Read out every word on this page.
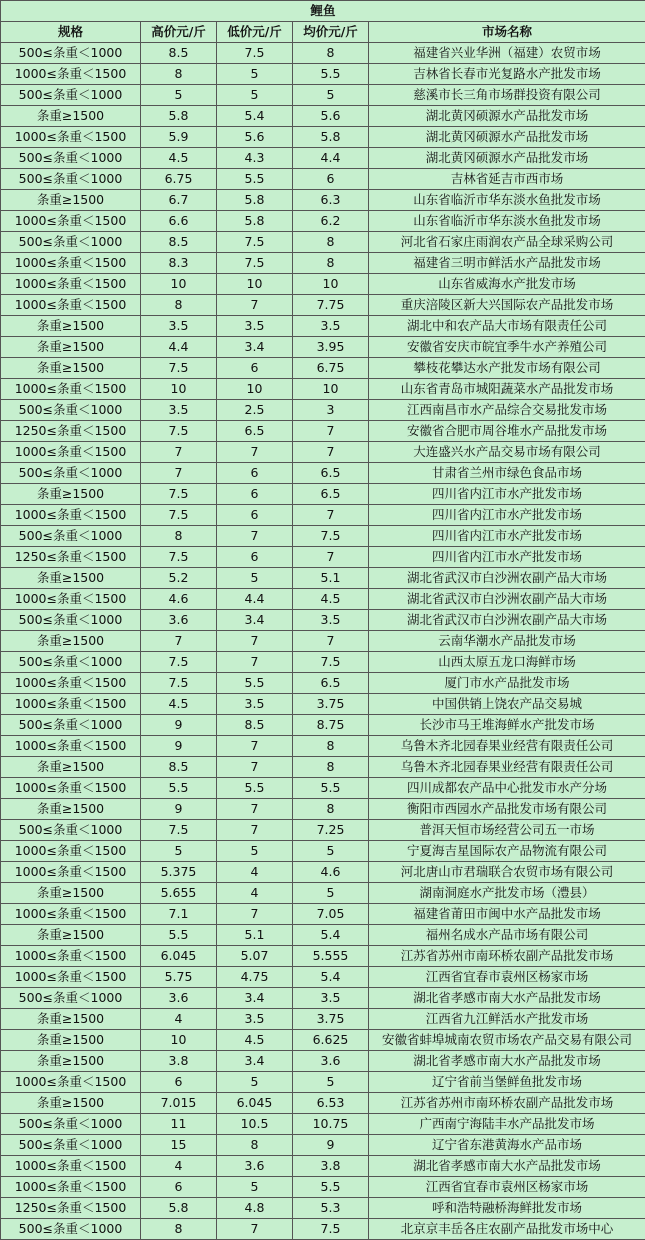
鲤鱼				
规格	高价元/斤	低价元/斤	均价元/斤	市场名称
500≤条重＜1000	8.5	7.5	8	福建省兴业华洲（福建）农贸市场
1000≤条重＜1500	8	5	5.5	吉林省长春市光复路水产批发市场
500≤条重＜1000	5	5	5	慈溪市长三角市场群投资有限公司
条重≥1500	5.8	5.4	5.6	湖北黄冈硕源水产品批发市场
1000≤条重＜1500	5.9	5.6	5.8	湖北黄冈硕源水产品批发市场
500≤条重＜1000	4.5	4.3	4.4	湖北黄冈硕源水产品批发市场
500≤条重＜1000	6.75	5.5	6	吉林省延吉市西市场
条重≥1500	6.7	5.8	6.3	山东省临沂市华东淡水鱼批发市场
1000≤条重＜1500	6.6	5.8	6.2	山东省临沂市华东淡水鱼批发市场
500≤条重＜1000	8.5	7.5	8	河北省石家庄雨润农产品全球采购公司
1000≤条重＜1500	8.3	7.5	8	福建省三明市鲜活水产品批发市场
1000≤条重＜1500	10	10	10	山东省威海水产批发市场
1000≤条重＜1500	8	7	7.75	重庆涪陵区新大兴国际农产品批发市场
条重≥1500	3.5	3.5	3.5	湖北中和农产品大市场有限责任公司
条重≥1500	4.4	3.4	3.95	安徽省安庆市皖宜季牛水产养殖公司
条重≥1500	7.5	6	6.75	攀枝花攀达水产批发市场有限公司
1000≤条重＜1500	10	10	10	山东省青岛市城阳蔬菜水产品批发市场
500≤条重＜1000	3.5	2.5	3	江西南昌市水产品综合交易批发市场
1250≤条重＜1500	7.5	6.5	7	安徽省合肥市周谷堆水产品批发市场
1000≤条重＜1500	7	7	7	大连盛兴水产品交易市场有限公司
500≤条重＜1000	7	6	6.5	甘肃省兰州市绿色食品市场
条重≥1500	7.5	6	6.5	四川省内江市水产批发市场
1000≤条重＜1500	7.5	6	7	四川省内江市水产批发市场
500≤条重＜1000	8	7	7.5	四川省内江市水产批发市场
1250≤条重＜1500	7.5	6	7	四川省内江市水产批发市场
条重≥1500	5.2	5	5.1	湖北省武汉市白沙洲农副产品大市场
1000≤条重＜1500	4.6	4.4	4.5	湖北省武汉市白沙洲农副产品大市场
500≤条重＜1000	3.6	3.4	3.5	湖北省武汉市白沙洲农副产品大市场
条重≥1500	7	7	7	云南华潮水产品批发市场
500≤条重＜1000	7.5	7	7.5	山西太原五龙口海鲜市场
1000≤条重＜1500	7.5	5.5	6.5	厦门市水产品批发市场
1000≤条重＜1500	4.5	3.5	3.75	中国供销上饶农产品交易城
500≤条重＜1000	9	8.5	8.75	长沙市马王堆海鲜水产批发市场
1000≤条重＜1500	9	7	8	乌鲁木齐北园春果业经营有限责任公司
条重≥1500	8.5	7	8	乌鲁木齐北园春果业经营有限责任公司
1000≤条重＜1500	5.5	5.5	5.5	四川成都农产品中心批发市水产分场
条重≥1500	9	7	8	衡阳市西园水产品批发市场有限公司
500≤条重＜1000	7.5	7	7.25	普洱天恒市场经营公司五一市场
1000≤条重＜1500	5	5	5	宁夏海吉星国际农产品物流有限公司
1000≤条重＜1500	5.375	4	4.6	河北唐山市君瑞联合农贸市场有限公司
条重≥1500	5.655	4	5	湖南洞庭水产批发市场（澧县）
1000≤条重＜1500	7.1	7	7.05	福建省莆田市闽中水产品批发市场
条重≥1500	5.5	5.1	5.4	福州名成水产品市场有限公司
1000≤条重＜1500	6.045	5.07	5.555	江苏省苏州市南环桥农副产品批发市场
1000≤条重＜1500	5.75	4.75	5.4	江西省宜春市袁州区杨家市场
500≤条重＜1000	3.6	3.4	3.5	湖北省孝感市南大水产品批发市场
条重≥1500	4	3.5	3.75	江西省九江鲜活水产批发市场
条重≥1500	10	4.5	6.625	安徽省蚌埠城南农贸市场农产品交易有限公司
条重≥1500	3.8	3.4	3.6	湖北省孝感市南大水产品批发市场
1000≤条重＜1500	6	5	5	辽宁省前当堡鲜鱼批发市场
条重≥1500	7.015	6.045	6.53	江苏省苏州市南环桥农副产品批发市场
500≤条重＜1000	11	10.5	10.75	广西南宁海陆丰水产品批发市场
500≤条重＜1000	15	8	9	辽宁省东港黄海水产品市场
1000≤条重＜1500	4	3.6	3.8	湖北省孝感市南大水产品批发市场
1000≤条重＜1500	6	5	5.5	江西省宜春市袁州区杨家市场
1250≤条重＜1500	5.8	4.8	5.3	呼和浩特融桥海鲜批发市场
500≤条重＜1000	8	7	7.5	北京京丰岳各庄农副产品批发市场中心
